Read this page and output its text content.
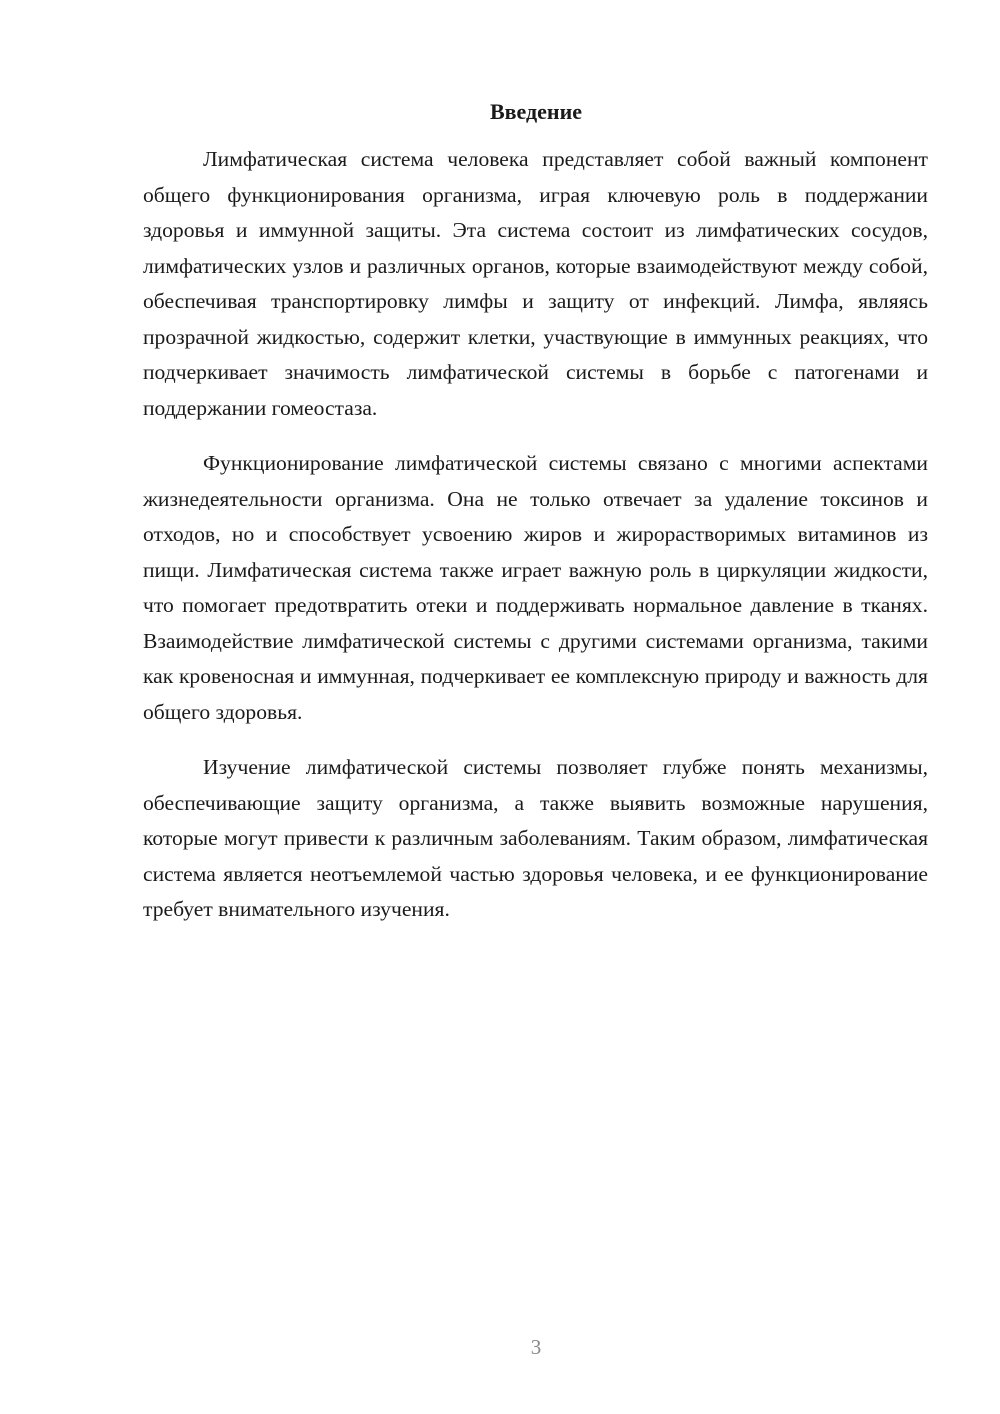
Введение

Лимфатическая система человека представляет собой важный компонент общего функционирования организма, играя ключевую роль в поддержании здоровья и иммунной защиты. Эта система состоит из лимфатических сосудов, лимфатических узлов и различных органов, которые взаимодействуют между собой, обеспечивая транспортировку лимфы и защиту от инфекций. Лимфа, являясь прозрачной жидкостью, содержит клетки, участвующие в иммунных реакциях, что подчеркивает значимость лимфатической системы в борьбе с патогенами и поддержании гомеостаза.

Функционирование лимфатической системы связано с многими аспектами жизнедеятельности организма. Она не только отвечает за удаление токсинов и отходов, но и способствует усвоению жиров и жирорастворимых витаминов из пищи. Лимфатическая система также играет важную роль в циркуляции жидкости, что помогает предотвратить отеки и поддерживать нормальное давление в тканях. Взаимодействие лимфатической системы с другими системами организма, такими как кровеносная и иммунная, подчеркивает ее комплексную природу и важность для общего здоровья.

Изучение лимфатической системы позволяет глубже понять механизмы, обеспечивающие защиту организма, а также выявить возможные нарушения, которые могут привести к различным заболеваниям. Таким образом, лимфатическая система является неотъемлемой частью здоровья человека, и ее функционирование требует внимательного изучения.

3
